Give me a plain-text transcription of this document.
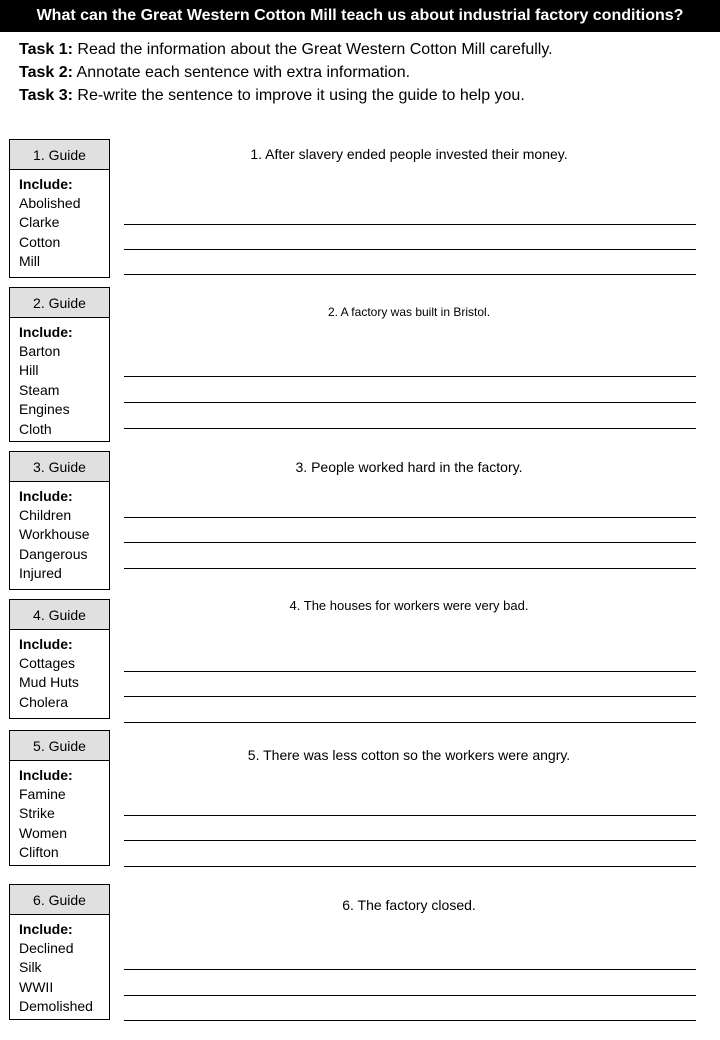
What can the Great Western Cotton Mill teach us about industrial factory conditions?
Task 1: Read the information about the Great Western Cotton Mill carefully.
Task 2: Annotate each sentence with extra information.
Task 3: Re-write the sentence to improve it using the guide to help you.
1. Guide
Include:
Abolished
Clarke
Cotton
Mill
1. After slavery ended people invested their money.
2. Guide
Include:
Barton
Hill
Steam
Engines
Cloth
2. A factory was built in Bristol.
3. Guide
Include:
Children
Workhouse
Dangerous
Injured
3. People worked hard in the factory.
4. Guide
Include:
Cottages
Mud Huts
Cholera
4. The houses for workers were very bad.
5. Guide
Include:
Famine
Strike
Women
Clifton
5. There was less cotton so the workers were angry.
6. Guide
Include:
Declined
Silk
WWII
Demolished
6. The factory closed.
